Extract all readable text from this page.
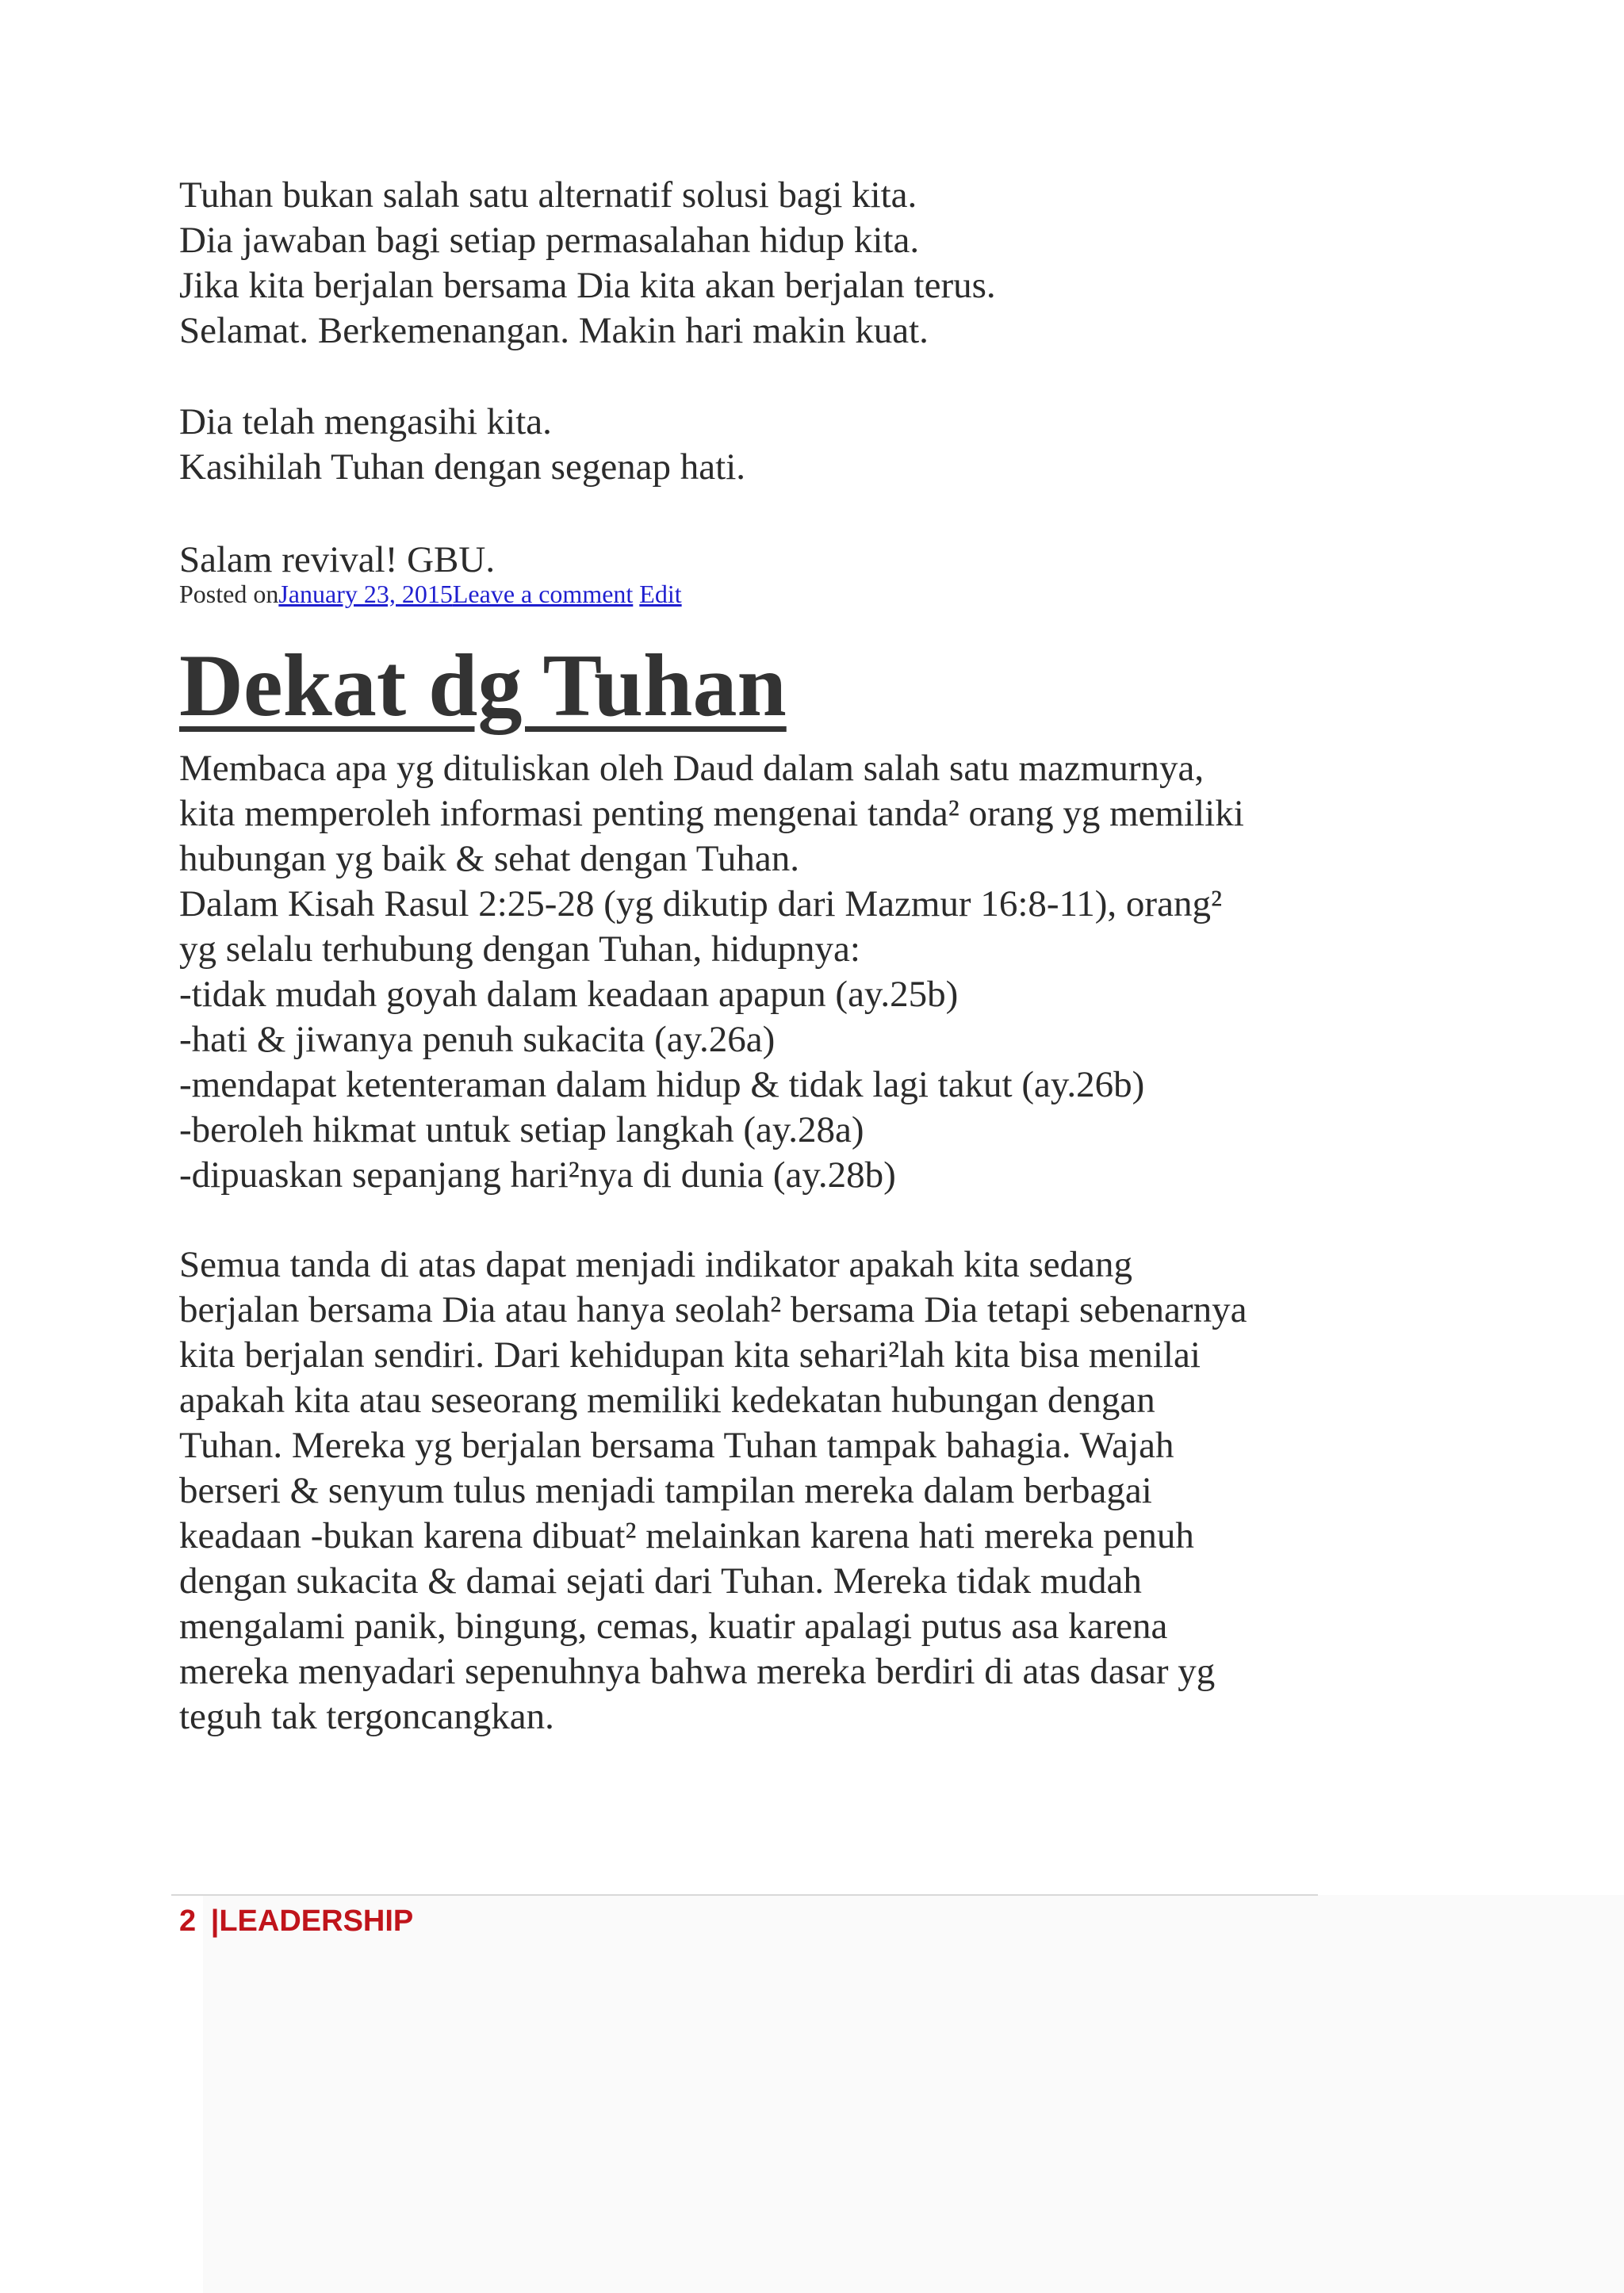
Tuhan bukan salah satu alternatif solusi bagi kita.
Dia jawaban bagi setiap permasalahan hidup kita.
Jika kita berjalan bersama Dia kita akan berjalan terus.
Selamat. Berkemenangan. Makin hari makin kuat.
Dia telah mengasihi kita.
Kasihilah Tuhan dengan segenap hati.
Salam revival! GBU.
Posted onJanuary 23, 2015Leave a comment Edit
Dekat dg Tuhan
Membaca apa yg dituliskan oleh Daud dalam salah satu mazmurnya,
kita memperoleh informasi penting mengenai tanda² orang yg memiliki
hubungan yg baik & sehat dengan Tuhan.
Dalam Kisah Rasul 2:25-28 (yg dikutip dari Mazmur 16:8-11), orang²
yg selalu terhubung dengan Tuhan, hidupnya:
-tidak mudah goyah dalam keadaan apapun (ay.25b)
-hati & jiwanya penuh sukacita (ay.26a)
-mendapat ketenteraman dalam hidup & tidak lagi takut (ay.26b)
-beroleh hikmat untuk setiap langkah (ay.28a)
-dipuaskan sepanjang hari²nya di dunia (ay.28b)
Semua tanda di atas dapat menjadi indikator apakah kita sedang
berjalan bersama Dia atau hanya seolah² bersama Dia tetapi sebenarnya
kita berjalan sendiri. Dari kehidupan kita sehari²lah kita bisa menilai
apakah kita atau seseorang memiliki kedekatan hubungan dengan
Tuhan. Mereka yg berjalan bersama Tuhan tampak bahagia. Wajah
berseri & senyum tulus menjadi tampilan mereka dalam berbagai
keadaan -bukan karena dibuat² melainkan karena hati mereka penuh
dengan sukacita & damai sejati dari Tuhan. Mereka tidak mudah
mengalami panik, bingung, cemas, kuatir apalagi putus asa karena
mereka menyadari sepenuhnya bahwa mereka berdiri di atas dasar yg
teguh tak tergoncangkan.
2 |LEADERSHIP
